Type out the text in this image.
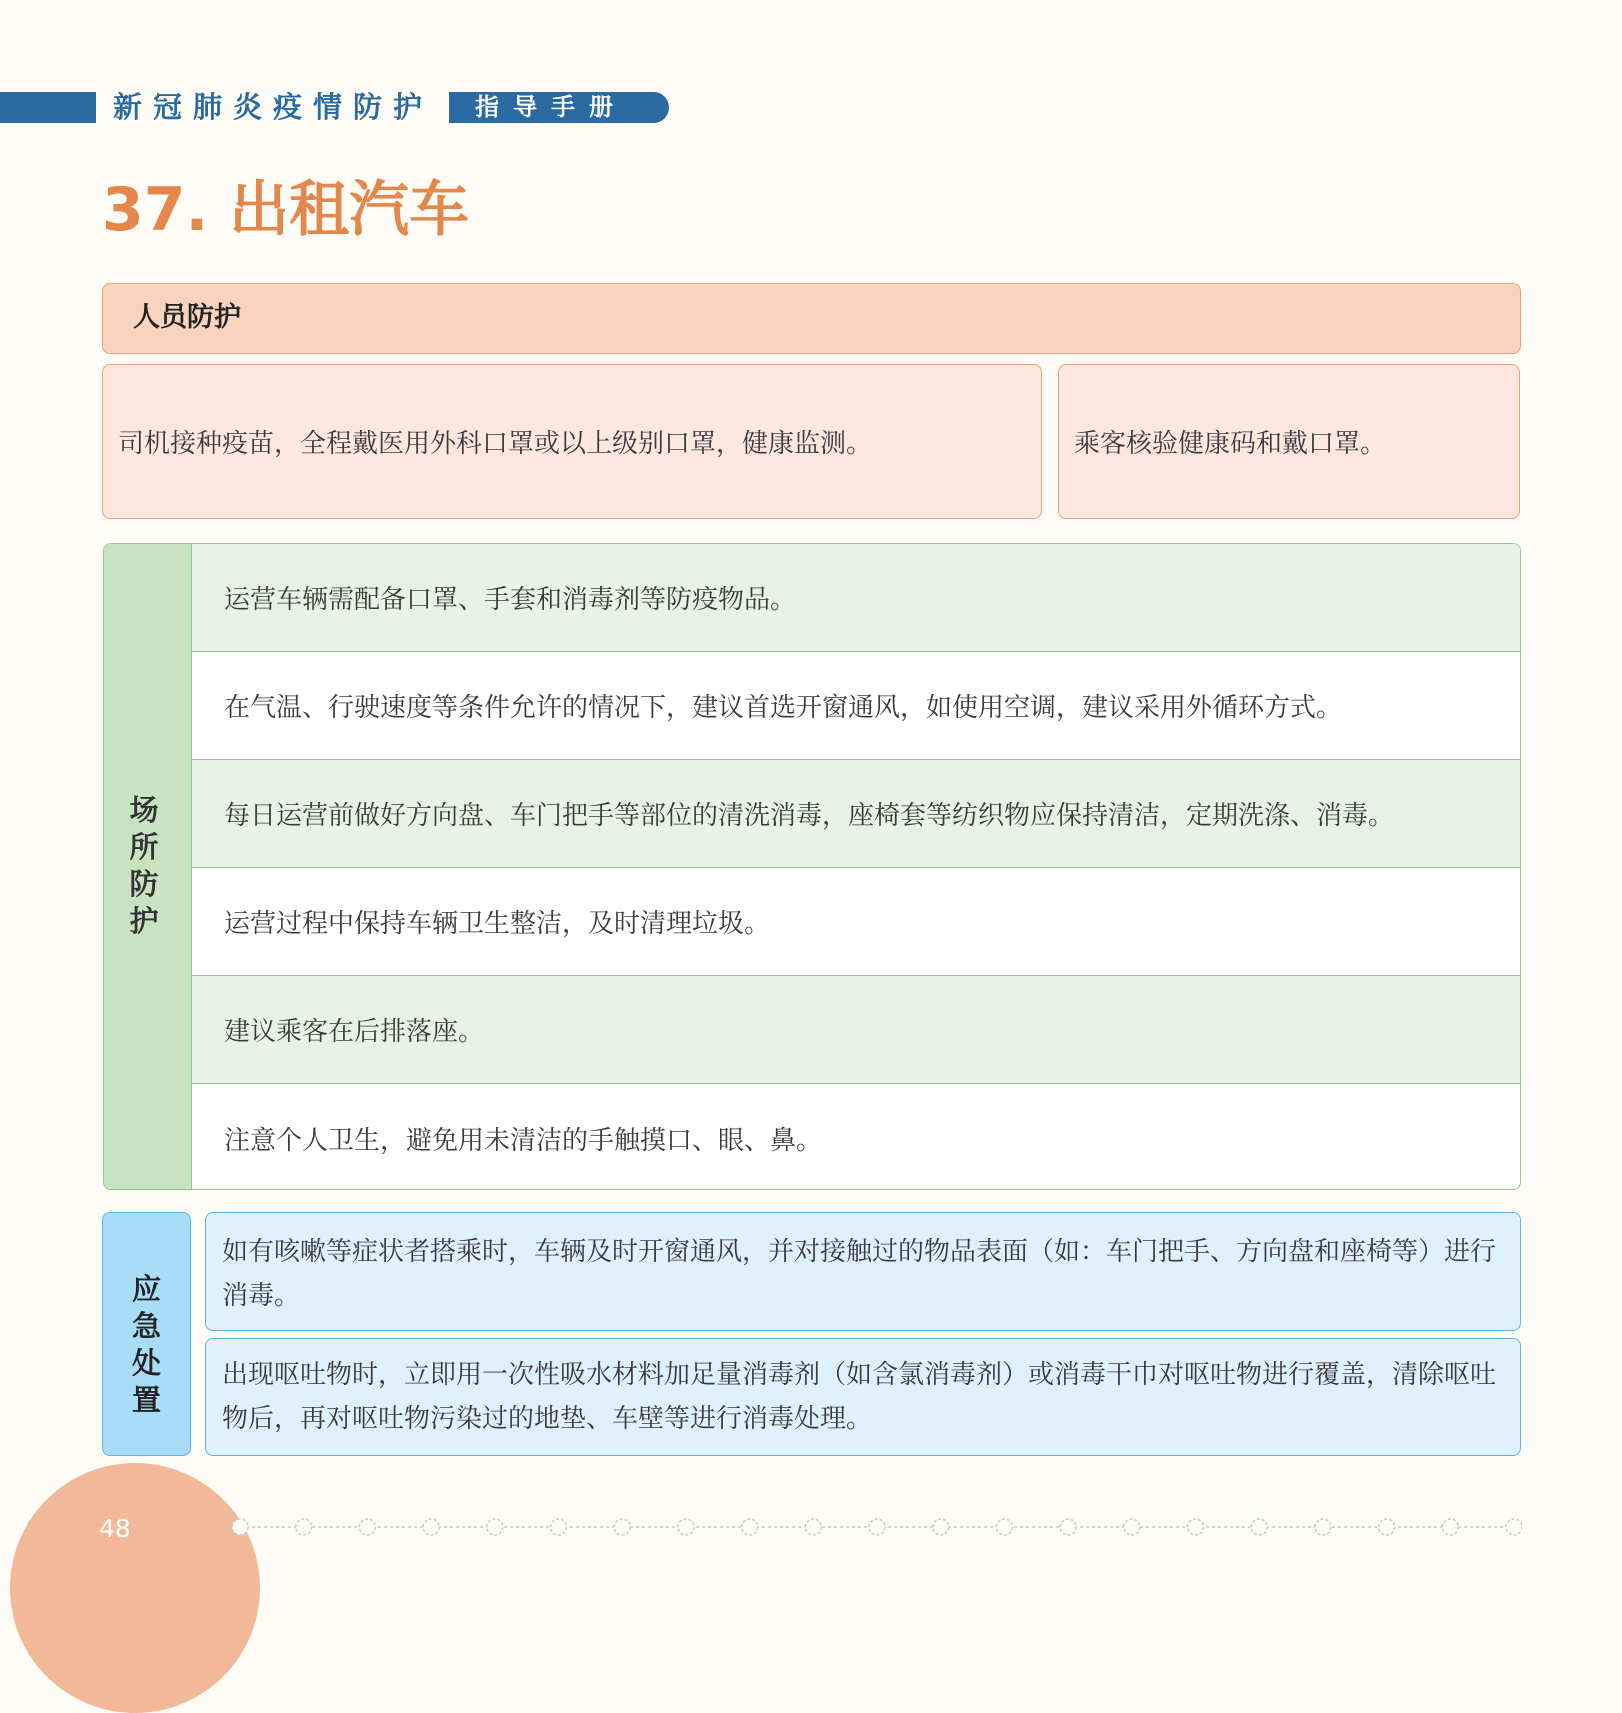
新冠肺炎疫情防护	指导手册
37. 出租汽车
人员防护
司机接种疫苗，全程戴医用外科口罩或以上级别口罩，健康监测。	乘客核验健康码和戴口罩。
场所防护
运营车辆需配备口罩、手套和消毒剂等防疫物品。
在气温、行驶速度等条件允许的情况下，建议首选开窗通风，如使用空调，建议采用外循环方式。
每日运营前做好方向盘、车门把手等部位的清洗消毒，座椅套等纺织物应保持清洁，定期洗涤、消毒。
运营过程中保持车辆卫生整洁，及时清理垃圾。
建议乘客在后排落座。
注意个人卫生，避免用未清洁的手触摸口、眼、鼻。
应急处置
如有咳嗽等症状者搭乘时，车辆及时开窗通风，并对接触过的物品表面（如：车门把手、方向盘和座椅等）进行消毒。
出现呕吐物时，立即用一次性吸水材料加足量消毒剂（如含氯消毒剂）或消毒干巾对呕吐物进行覆盖，清除呕吐物后，再对呕吐物污染过的地垫、车壁等进行消毒处理。
48
